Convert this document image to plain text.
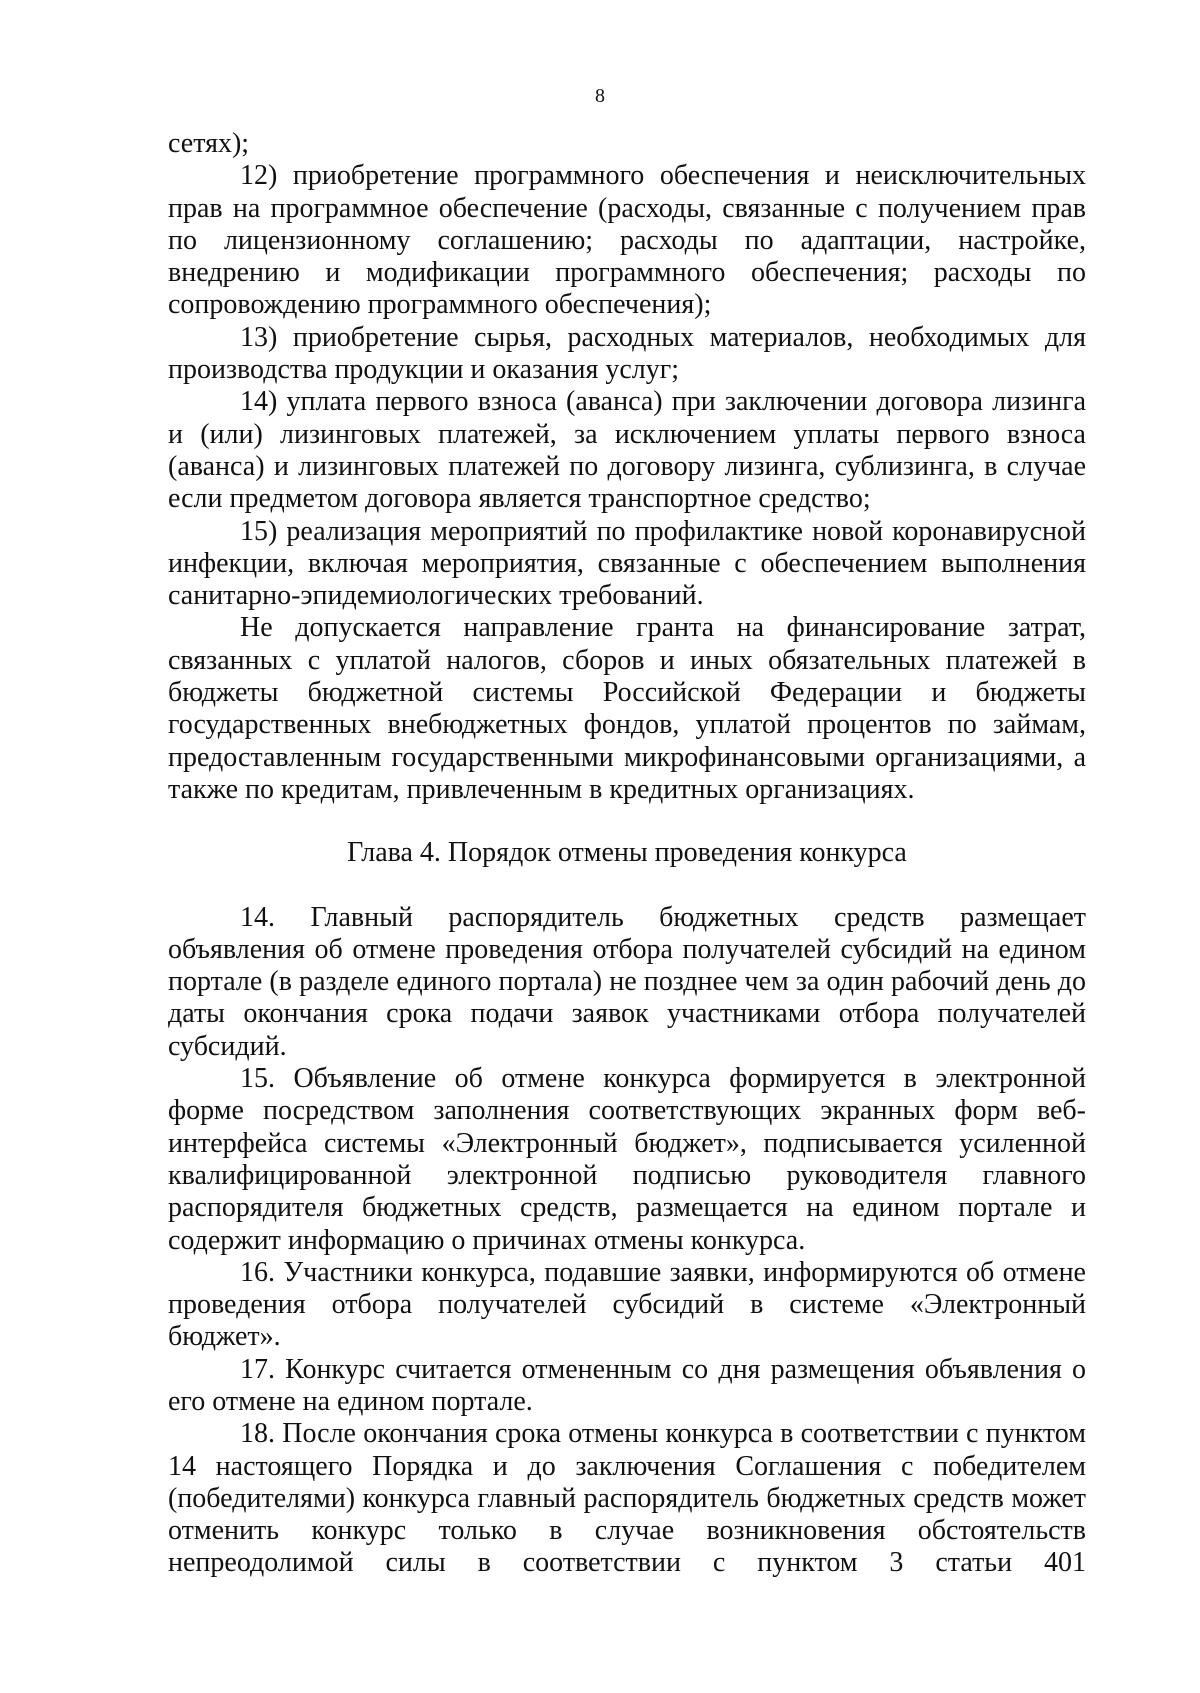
8

сетях);

12) приобретение программного обеспечения и неисключительных прав на программное обеспечение (расходы, связанные с получением прав по лицензионному соглашению; расходы по адаптации, настройке, внедрению и модификации программного обеспечения; расходы по сопровождению программного обеспечения);

13) приобретение сырья, расходных материалов, необходимых для производства продукции и оказания услуг;

14) уплата первого взноса (аванса) при заключении договора лизинга и (или) лизинговых платежей, за исключением уплаты первого взноса (аванса) и лизинговых платежей по договору лизинга, сублизинга, в случае если предметом договора является транспортное средство;

15) реализация мероприятий по профилактике новой коронавирусной инфекции, включая мероприятия, связанные с обеспечением выполнения санитарно-эпидемиологических требований.

Не допускается направление гранта на финансирование затрат, связанных с уплатой налогов, сборов и иных обязательных платежей в бюджеты бюджетной системы Российской Федерации и бюджеты государственных внебюджетных фондов, уплатой процентов по займам, предоставленным государственными микрофинансовыми организациями, а также по кредитам, привлеченным в кредитных организациях.

Глава 4. Порядок отмены проведения конкурса

14. Главный распорядитель бюджетных средств размещает объявления об отмене проведения отбора получателей субсидий на едином портале (в разделе единого портала) не позднее чем за один рабочий день до даты окончания срока подачи заявок участниками отбора получателей субсидий.

15. Объявление об отмене конкурса формируется в электронной форме посредством заполнения соответствующих экранных форм веб-интерфейса системы «Электронный бюджет», подписывается усиленной квалифицированной электронной подписью руководителя главного распорядителя бюджетных средств, размещается на едином портале и содержит информацию о причинах отмены конкурса.

16. Участники конкурса, подавшие заявки, информируются об отмене проведения отбора получателей субсидий в системе «Электронный бюджет».

17. Конкурс считается отмененным со дня размещения объявления о его отмене на едином портале.

18. После окончания срока отмены конкурса в соответствии с пунктом 14 настоящего Порядка и до заключения Соглашения с победителем (победителями) конкурса главный распорядитель бюджетных средств может отменить конкурс только в случае возникновения обстоятельств непреодолимой силы в соответствии с пунктом 3 статьи 401
